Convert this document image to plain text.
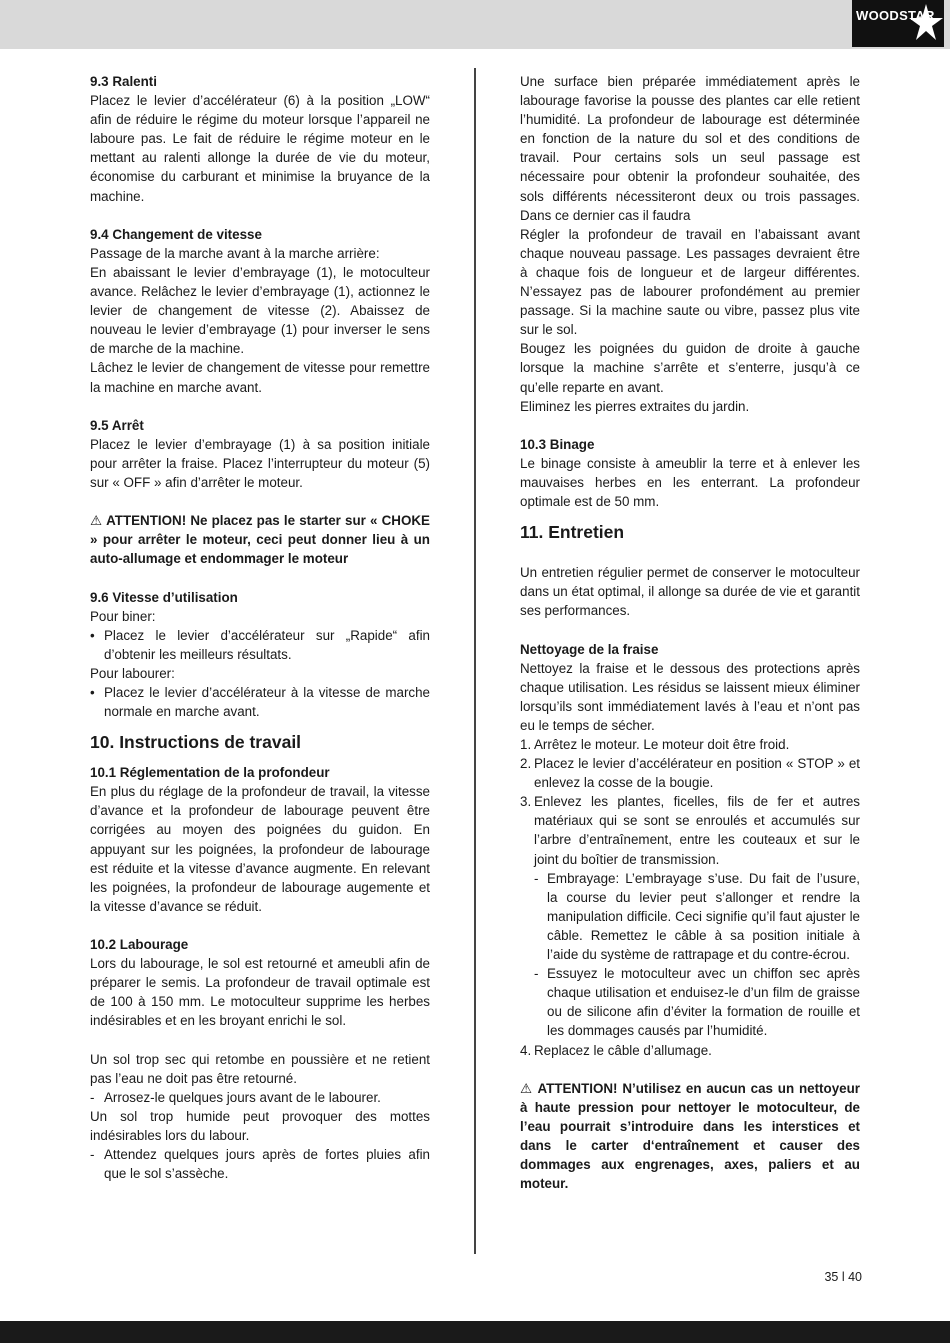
WOODSTAR

9.3 Ralenti

Placez le levier d’accélérateur (6) à la position „LOW“ afin de réduire le régime du moteur lorsque l’appareil ne laboure pas. Le fait de réduire le régime moteur en le mettant au ralenti allonge la durée de vie du moteur, économise du carburant et minimise la bruyance de la machine.

9.4 Changement de vitesse

Passage de la marche avant à la marche arrière:

En abaissant le levier d’embrayage (1), le motoculteur avance. Relâchez le levier d’embrayage (1), actionnez le levier de changement de vitesse (2). Abaissez de nouveau le levier d’embrayage (1) pour inverser le sens de marche de la machine.

Lâchez le levier de changement de vitesse pour remettre la machine en marche avant.

9.5 Arrêt

Placez le levier d’embrayage (1) à sa position initiale pour arrêter la fraise. Placez l’interrupteur du moteur (5) sur « OFF » afin d’arrêter le moteur.

⚠ ATTENTION! Ne placez pas le starter sur « CHOKE » pour arrêter le moteur, ceci peut donner lieu à un auto-allumage et endommager le moteur

9.6 Vitesse d’utilisation

Pour biner:

• Placez le levier d’accélérateur sur „Rapide“ afin d’obtenir les meilleurs résultats.

Pour labourer:

• Placez le levier d’accélérateur à la vitesse de marche normale en marche avant.

10. Instructions de travail

10.1 Réglementation de la profondeur

En plus du réglage de la profondeur de travail, la vitesse d’avance et la profondeur de labourage peuvent être corrigées au moyen des poignées du guidon. En appuyant sur les poignées, la profondeur de labourage est réduite et la vitesse d’avance augmente. En relevant les poignées, la profondeur de labourage augemente et la vitesse d’avance se réduit.

10.2 Labourage

Lors du labourage, le sol est retourné et ameubli afin de préparer le semis. La profondeur de travail optimale est de 100 à 150 mm. Le motoculteur supprime les herbes indésirables et en les broyant enrichi le sol.

Un sol trop sec qui retombe en poussière et ne retient pas l’eau ne doit pas être retourné.

- Arrosez-le quelques jours avant de le labourer.

Un sol trop humide peut provoquer des mottes indésirables lors du labour.

- Attendez quelques jours après de fortes pluies afin que le sol s’assèche.

Une surface bien préparée immédiatement après le labourage favorise la pousse des plantes car elle retient l’humidité. La profondeur de labourage est déterminée en fonction de la nature du sol et des conditions de travail. Pour certains sols un seul passage est nécessaire pour obtenir la profondeur souhaitée, des sols différents nécessiteront deux ou trois passages. Dans ce dernier cas il faudra

Régler la profondeur de travail en l’abaissant avant chaque nouveau passage. Les passages devraient être à chaque fois de longueur et de largeur différentes. N’essayez pas de labourer profondément au premier passage. Si la machine saute ou vibre, passez plus vite sur le sol.

Bougez les poignées du guidon de droite à gauche lorsque la machine s’arrête et s’enterre, jusqu’à ce qu’elle reparte en avant.

Eliminez les pierres extraites du jardin.

10.3 Binage

Le binage consiste à ameublir la terre et à enlever les mauvaises herbes en les enterrant. La profondeur optimale est de 50 mm.

11. Entretien

Un entretien régulier permet de conserver le motoculteur dans un état optimal, il allonge sa durée de vie et garantit ses performances.

Nettoyage de la fraise

Nettoyez la fraise et le dessous des protections après chaque utilisation. Les résidus se laissent mieux éliminer lorsqu’ils sont immédiatement lavés à l’eau et n’ont pas eu le temps de sécher.

1. Arrêtez le moteur. Le moteur doit être froid.
2. Placez le levier d’accélérateur en position « STOP » et enlevez la cosse de la bougie.
3. Enlevez les plantes, ficelles, fils de fer et autres matériaux qui se sont se enroulés et accumulés sur l’arbre d’entraînement, entre les couteaux et sur le joint du boîtier de transmission.
- Embrayage: L’embrayage s’use. Du fait de l’usure, la course du levier peut s’allonger et rendre la manipulation difficile. Ceci signifie qu’il faut ajuster le câble. Remettez le câble à sa position initiale à l’aide du système de rattrapage et du contre-écrou.
- Essuyez le motoculteur avec un chiffon sec après chaque utilisation et enduisez-le d’un film de graisse ou de silicone afin d’éviter la formation de rouille et les dommages causés par l’humidité.
4. Replacez le câble d’allumage.

⚠ ATTENTION! N’utilisez en aucun cas un nettoyeur à haute pression pour nettoyer le motoculteur, de l’eau pourrait s’introduire dans les interstices et dans le carter d‘entraînement et causer des dommages aux engrenages, axes, paliers et au moteur.

35 l 40
